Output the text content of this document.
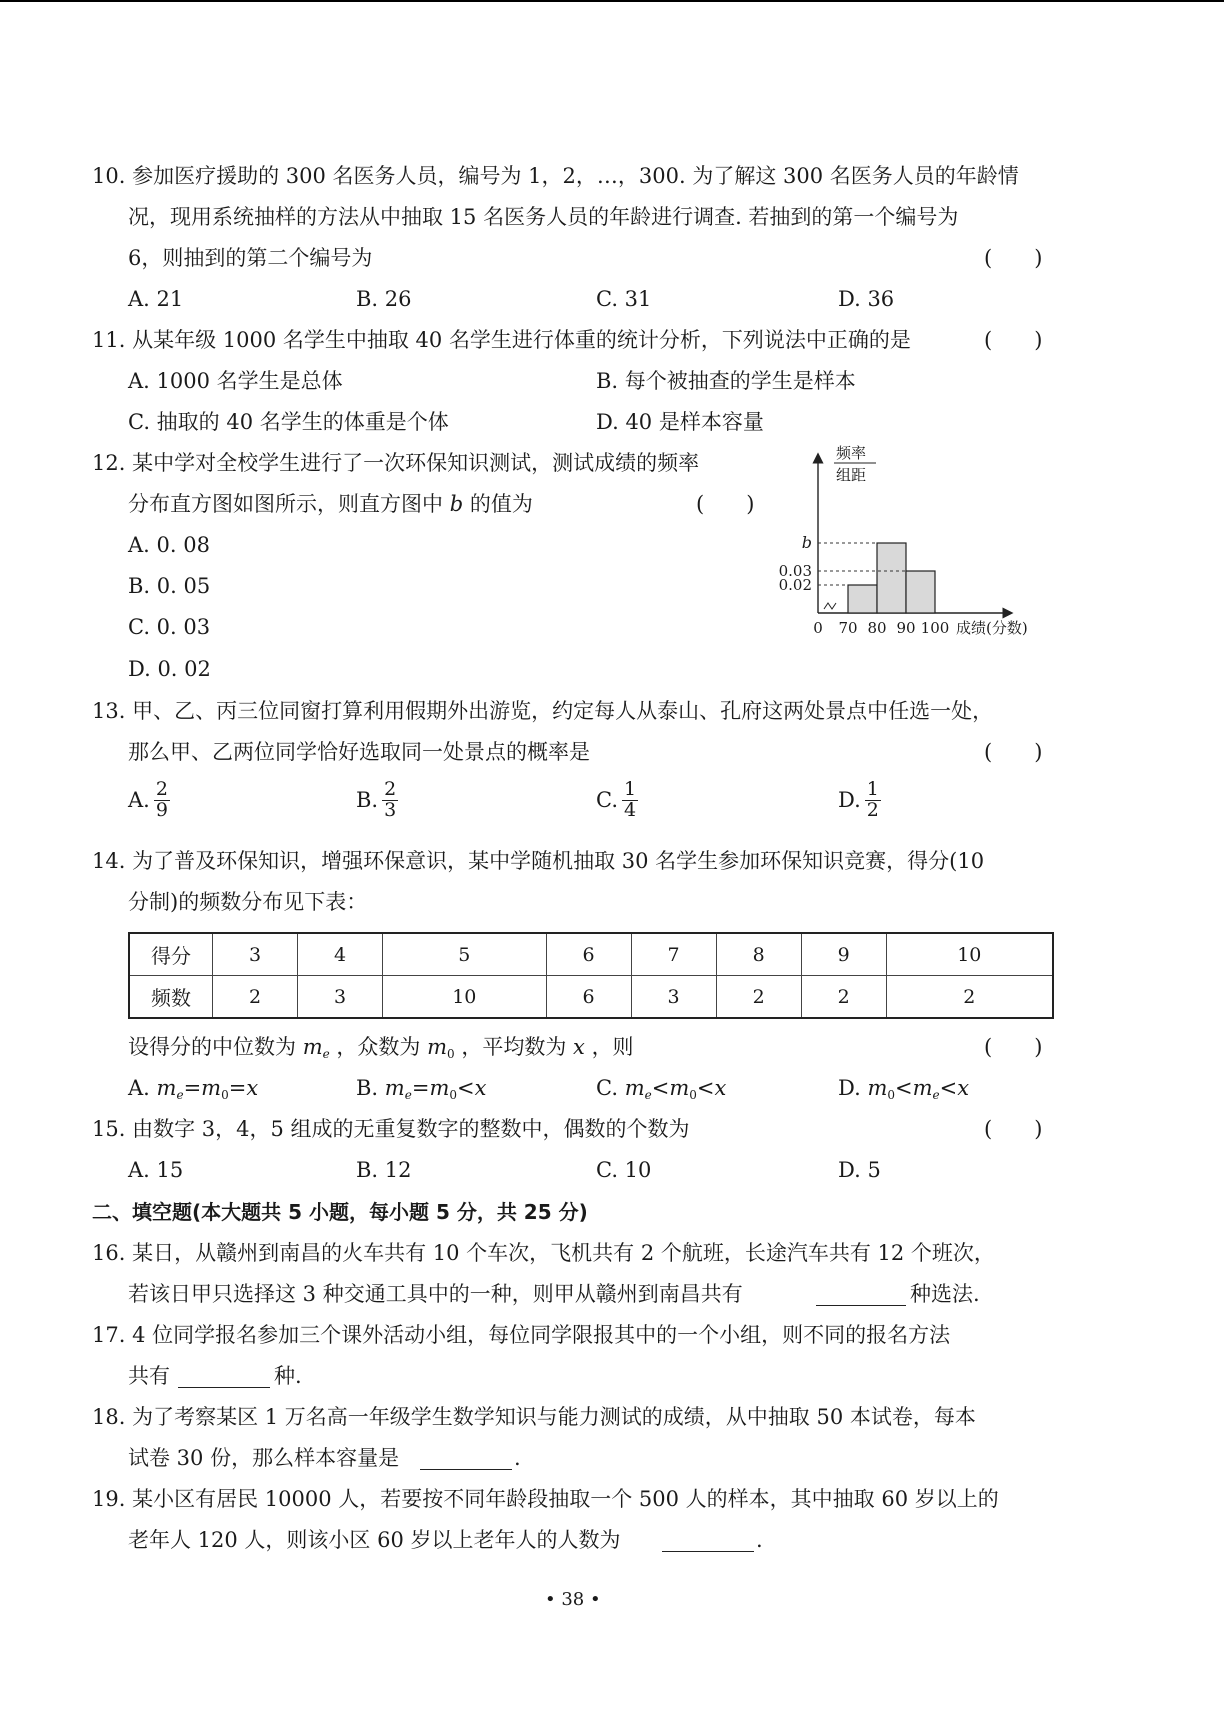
10. 参加医疗援助的 300 名医务人员，编号为 1，2，…，300. 为了解这 300 名医务人员的年龄情
况，现用系统抽样的方法从中抽取 15 名医务人员的年龄进行调查. 若抽到的第一个编号为
6，则抽到的第二个编号为	(　　)
A. 21	B. 26	C. 31	D. 36
11. 从某年级 1000 名学生中抽取 40 名学生进行体重的统计分析，下列说法中正确的是	(　　)
A. 1000 名学生是总体	B. 每个被抽查的学生是样本
C. 抽取的 40 名学生的体重是个体	D. 40 是样本容量
12. 某中学对全校学生进行了一次环保知识测试，测试成绩的频率
分布直方图如图所示，则直方图中 b 的值为	(　　)
A. 0. 08
B. 0. 05
C. 0. 03
D. 0. 02
b
0.03
0.02
0 70 80 90 100 成绩(分数)
频率
组距
13. 甲、乙、丙三位同窗打算利用假期外出游览，约定每人从泰山、孔府这两处景点中任选一处，
那么甲、乙两位同学恰好选取同一处景点的概率是	(　　)
A. $\frac{2}{9}$	B. $\frac{2}{3}$	C. $\frac{1}{4}$	D. $\frac{1}{2}$
14. 为了普及环保知识，增强环保意识，某中学随机抽取 30 名学生参加环保知识竞赛，得分(10
分制)的频数分布见下表：
得分	3	4	5	6	7	8	9	10
频数	2	3	10	6	3	2	2	2
设得分的中位数为 $m_e$ ，众数为 $m_0$ ，平均数为 x ，则	(　　)
A. $m_e=m_0=x$	B. $m_e=m_0<x$	C. $m_e<m_0<x$	D. $m_0<m_e<x$
15. 由数字 3，4，5 组成的无重复数字的整数中，偶数的个数为	(　　)
A. 15	B. 12	C. 10	D. 5
二、填空题(本大题共 5 小题，每小题 5 分，共 25 分)
16. 某日，从赣州到南昌的火车共有 10 个车次，飞机共有 2 个航班，长途汽车共有 12 个班次，
若该日甲只选择这 3 种交通工具中的一种，则甲从赣州到南昌共有	种选法.
17. 4 位同学报名参加三个课外活动小组，每位同学限报其中的一个小组，则不同的报名方法
共有	种.
18. 为了考察某区 1 万名高一年级学生数学知识与能力测试的成绩，从中抽取 50 本试卷，每本
试卷 30 份，那么样本容量是	.
19. 某小区有居民 10000 人，若要按不同年龄段抽取一个 500 人的样本，其中抽取 60 岁以上的
老年人 120 人，则该小区 60 岁以上老年人的人数为	.
• 38 •
